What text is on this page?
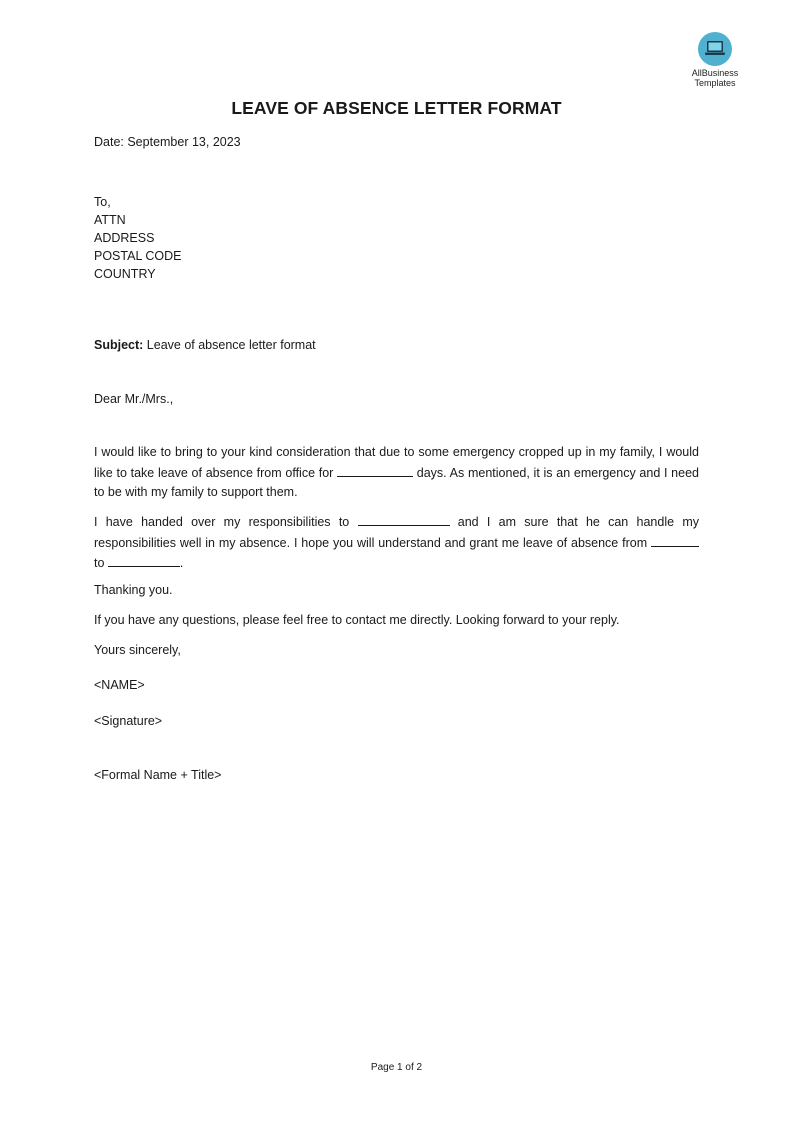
AllBusiness
Templates
LEAVE OF ABSENCE LETTER FORMAT
Date: September 13, 2023
To,
ATTN
ADDRESS
POSTAL CODE
COUNTRY
Subject: Leave of absence letter format
Dear Mr./Mrs.,
I would like to bring to your kind consideration that due to some emergency cropped up in my family, I would like to take leave of absence from office for	days. As mentioned, it is an emergency and I need to be with my family to support them.
I have handed over my responsibilities to	and I am sure that he can handle my responsibilities well in my absence. I hope you will understand and grant me leave of absence from  to	.
Thanking you.
If you have any questions, please feel free to contact me directly. Looking forward to your reply.
Yours sincerely,
<NAME>
<Signature>
<Formal Name + Title>
Page 1 of 2
